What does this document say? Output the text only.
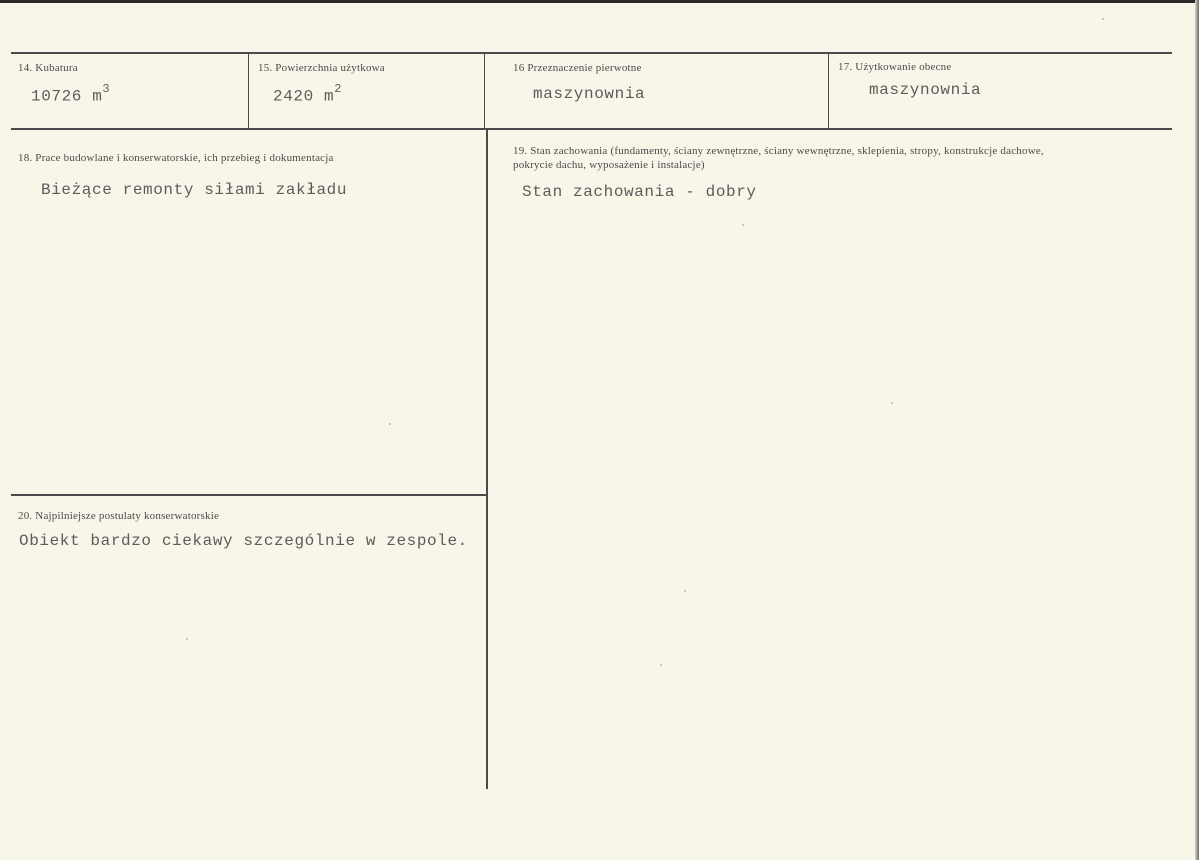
14. Kubatura
10726 $m^3$
15. Powierzchnia użytkowa
2420 $m^2$
16 Przeznaczenie pierwotne
maszynownia
17. Użytkowanie obecne
maszynownia
18. Prace budowlane i konserwatorskie, ich przebieg i dokumentacja
Bieżące remonty siłami zakładu
19. Stan zachowania (fundamenty, ściany zewnętrzne, ściany wewnętrzne, sklepienia, stropy, konstrukcje dachowe, pokrycie dachu, wyposażenie i instalacje)
Stan zachowania - dobry
20. Najpilniejsze postulaty konserwatorskie
Obiekt bardzo ciekawy szczególnie w zespole.
